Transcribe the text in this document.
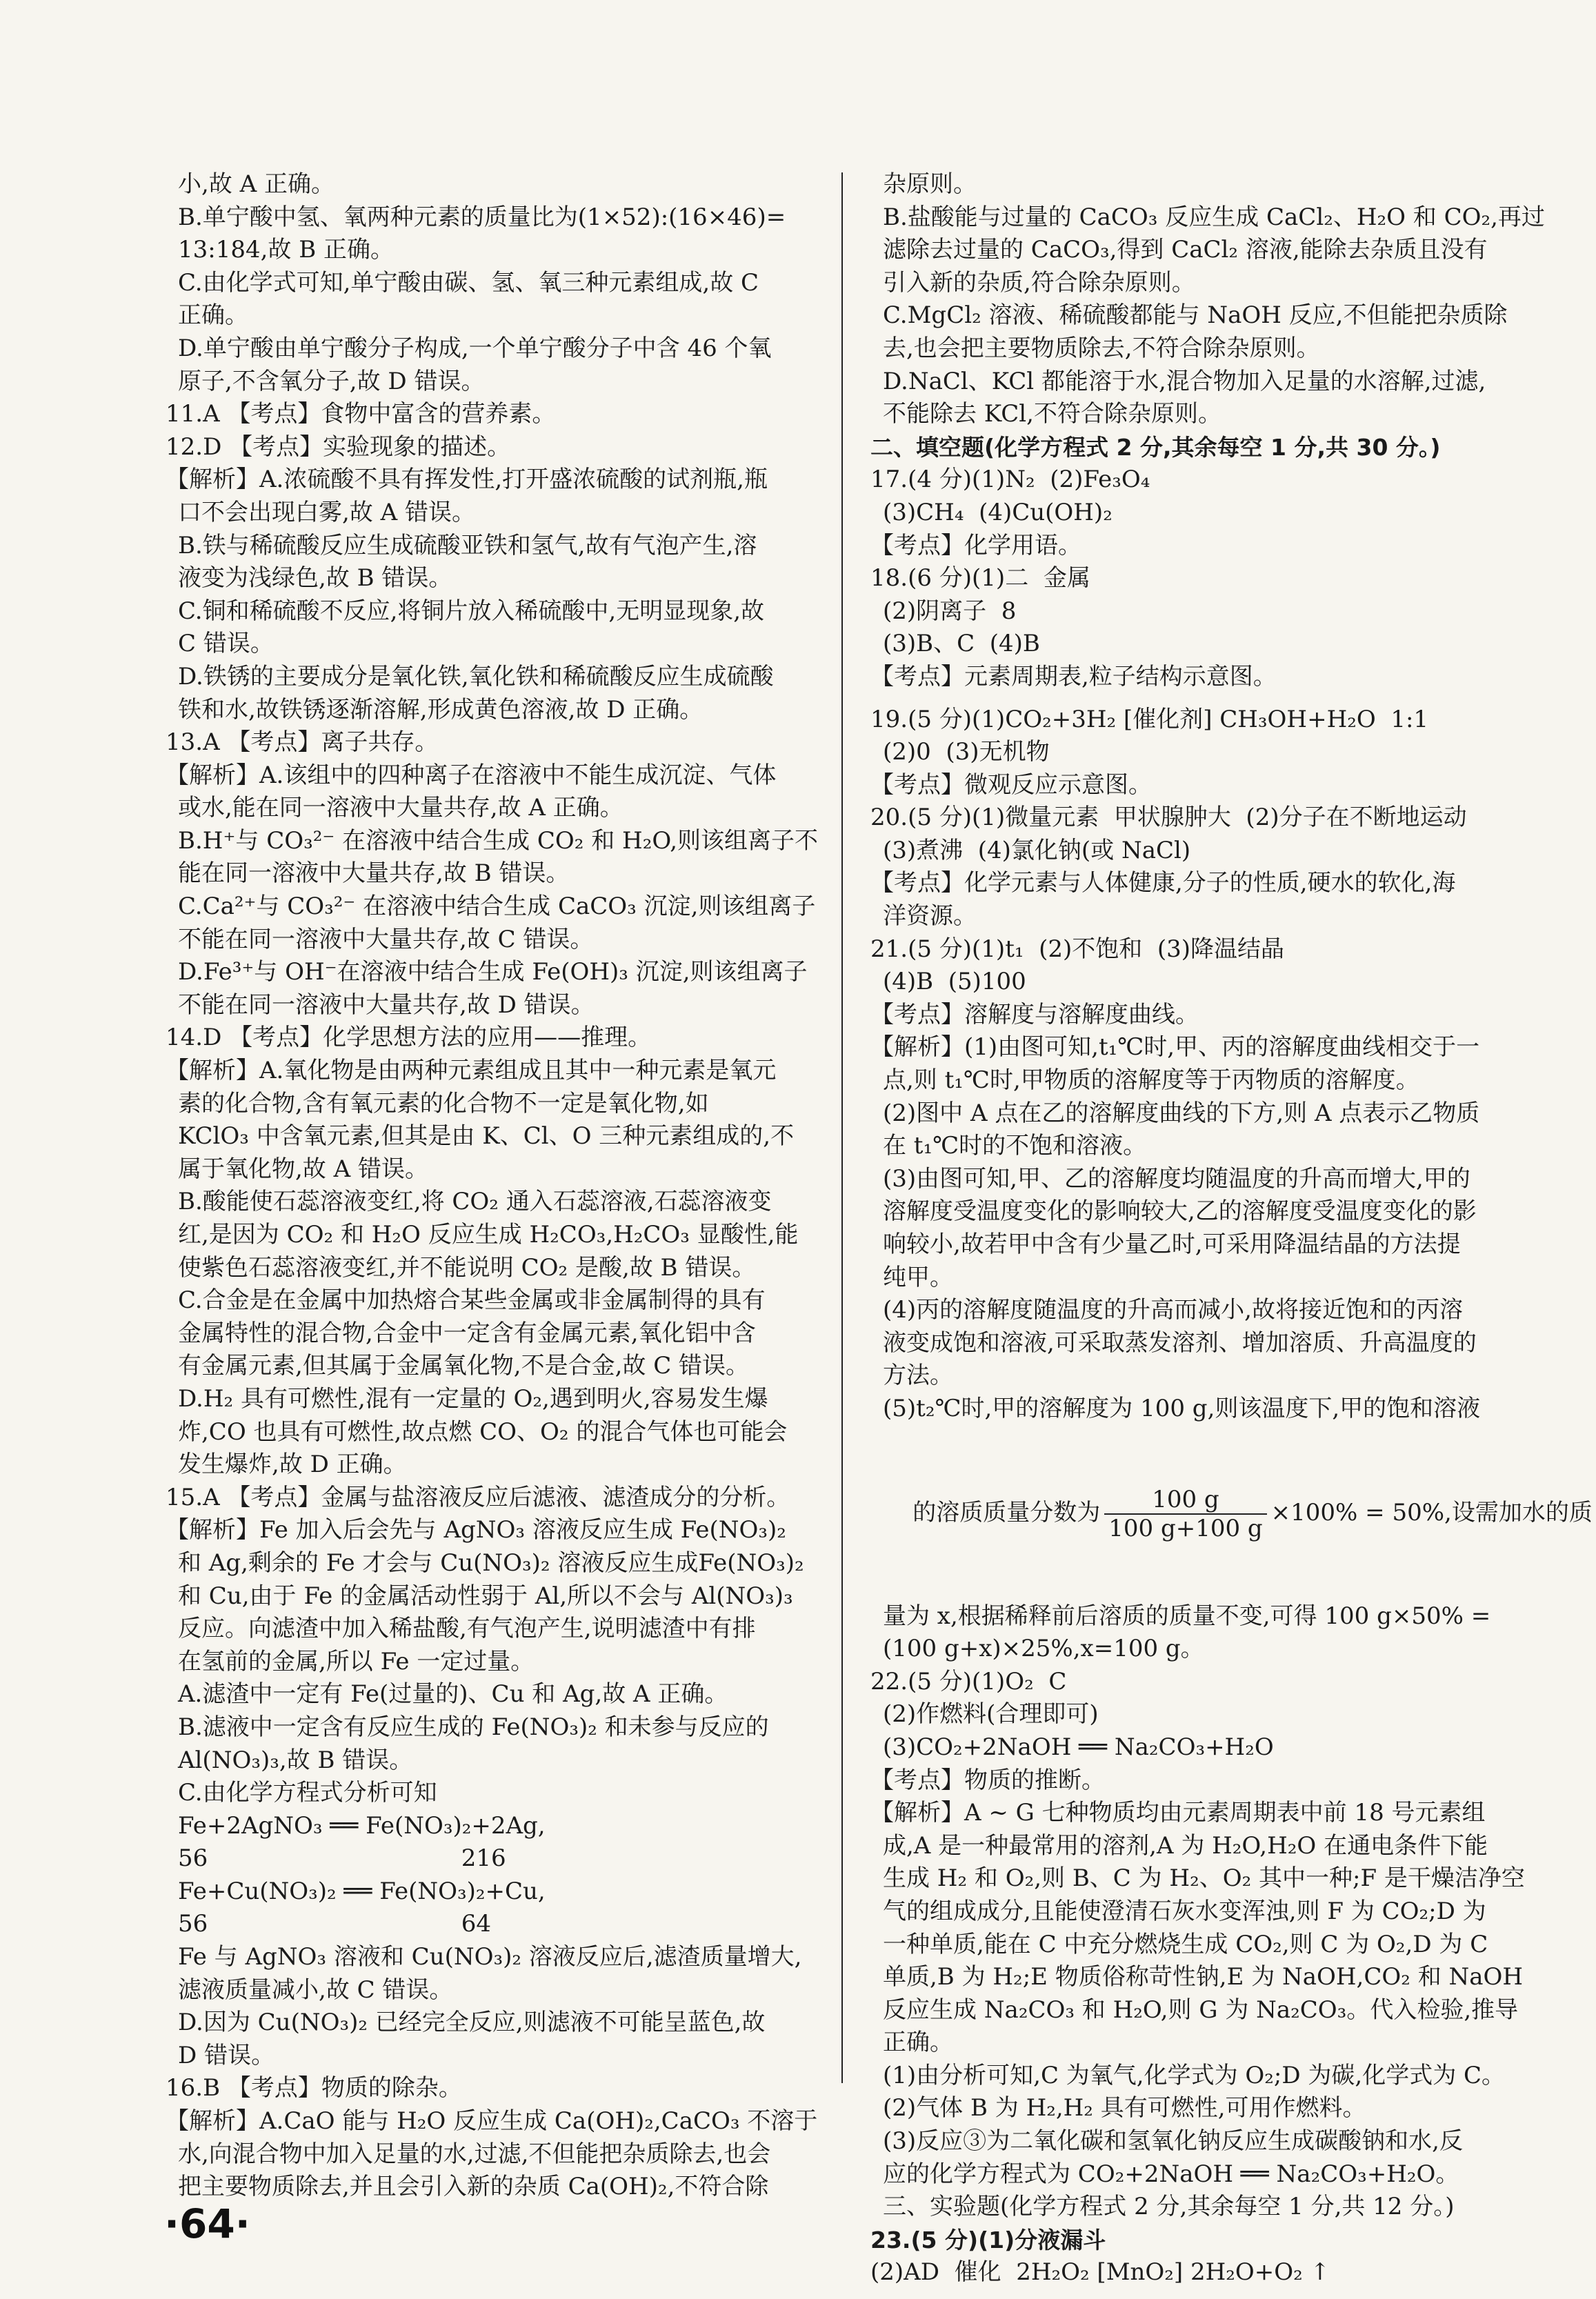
小,故 A 正确。
B.单宁酸中氢、氧两种元素的质量比为(1×52):(16×46)=
13:184,故 B 正确。
C.由化学式可知,单宁酸由碳、氢、氧三种元素组成,故 C
正确。
D.单宁酸由单宁酸分子构成,一个单宁酸分子中含 46 个氧
原子,不含氧分子,故 D 错误。
11.A 【考点】食物中富含的营养素。
12.D 【考点】实验现象的描述。
【解析】A.浓硫酸不具有挥发性,打开盛浓硫酸的试剂瓶,瓶
口不会出现白雾,故 A 错误。
B.铁与稀硫酸反应生成硫酸亚铁和氢气,故有气泡产生,溶
液变为浅绿色,故 B 错误。
C.铜和稀硫酸不反应,将铜片放入稀硫酸中,无明显现象,故
C 错误。
D.铁锈的主要成分是氧化铁,氧化铁和稀硫酸反应生成硫酸
铁和水,故铁锈逐渐溶解,形成黄色溶液,故 D 正确。
13.A 【考点】离子共存。
【解析】A.该组中的四种离子在溶液中不能生成沉淀、气体
或水,能在同一溶液中大量共存,故 A 正确。
B.H⁺与 CO₃²⁻ 在溶液中结合生成 CO₂ 和 H₂O,则该组离子不
能在同一溶液中大量共存,故 B 错误。
C.Ca²⁺与 CO₃²⁻ 在溶液中结合生成 CaCO₃ 沉淀,则该组离子
不能在同一溶液中大量共存,故 C 错误。
D.Fe³⁺与 OH⁻在溶液中结合生成 Fe(OH)₃ 沉淀,则该组离子
不能在同一溶液中大量共存,故 D 错误。
14.D 【考点】化学思想方法的应用——推理。
【解析】A.氧化物是由两种元素组成且其中一种元素是氧元
素的化合物,含有氧元素的化合物不一定是氧化物,如
KClO₃ 中含氧元素,但其是由 K、Cl、O 三种元素组成的,不
属于氧化物,故 A 错误。
B.酸能使石蕊溶液变红,将 CO₂ 通入石蕊溶液,石蕊溶液变
红,是因为 CO₂ 和 H₂O 反应生成 H₂CO₃,H₂CO₃ 显酸性,能
使紫色石蕊溶液变红,并不能说明 CO₂ 是酸,故 B 错误。
C.合金是在金属中加热熔合某些金属或非金属制得的具有
金属特性的混合物,合金中一定含有金属元素,氧化铝中含
有金属元素,但其属于金属氧化物,不是合金,故 C 错误。
D.H₂ 具有可燃性,混有一定量的 O₂,遇到明火,容易发生爆
炸,CO 也具有可燃性,故点燃 CO、O₂ 的混合气体也可能会
发生爆炸,故 D 正确。
15.A 【考点】金属与盐溶液反应后滤液、滤渣成分的分析。
【解析】Fe 加入后会先与 AgNO₃ 溶液反应生成 Fe(NO₃)₂
和 Ag,剩余的 Fe 才会与 Cu(NO₃)₂ 溶液反应生成Fe(NO₃)₂
和 Cu,由于 Fe 的金属活动性弱于 Al,所以不会与 Al(NO₃)₃
反应。向滤渣中加入稀盐酸,有气泡产生,说明滤渣中有排
在氢前的金属,所以 Fe 一定过量。
A.滤渣中一定有 Fe(过量的)、Cu 和 Ag,故 A 正确。
B.滤液中一定含有反应生成的 Fe(NO₃)₂ 和未参与反应的
Al(NO₃)₃,故 B 错误。
C.由化学方程式分析可知
Fe+2AgNO₃ ══ Fe(NO₃)₂+2Ag,
56                                  216
Fe+Cu(NO₃)₂ ══ Fe(NO₃)₂+Cu,
56                                  64
Fe 与 AgNO₃ 溶液和 Cu(NO₃)₂ 溶液反应后,滤渣质量增大,
滤液质量减小,故 C 错误。
D.因为 Cu(NO₃)₂ 已经完全反应,则滤液不可能呈蓝色,故
D 错误。
16.B 【考点】物质的除杂。
【解析】A.CaO 能与 H₂O 反应生成 Ca(OH)₂,CaCO₃ 不溶于
水,向混合物中加入足量的水,过滤,不但能把杂质除去,也会
把主要物质除去,并且会引入新的杂质 Ca(OH)₂,不符合除
杂原则。
B.盐酸能与过量的 CaCO₃ 反应生成 CaCl₂、H₂O 和 CO₂,再过
滤除去过量的 CaCO₃,得到 CaCl₂ 溶液,能除去杂质且没有
引入新的杂质,符合除杂原则。
C.MgCl₂ 溶液、稀硫酸都能与 NaOH 反应,不但能把杂质除
去,也会把主要物质除去,不符合除杂原则。
D.NaCl、KCl 都能溶于水,混合物加入足量的水溶解,过滤,
不能除去 KCl,不符合除杂原则。
二、填空题(化学方程式 2 分,其余每空 1 分,共 30 分。)
17.(4 分)(1)N₂  (2)Fe₃O₄
(3)CH₄  (4)Cu(OH)₂
【考点】化学用语。
18.(6 分)(1)二  金属
(2)阴离子  8
(3)B、C  (4)B
【考点】元素周期表,粒子结构示意图。
19.(5 分)(1)CO₂+3H₂ [催化剂] CH₃OH+H₂O  1:1
(2)0  (3)无机物
【考点】微观反应示意图。
20.(5 分)(1)微量元素  甲状腺肿大  (2)分子在不断地运动
(3)煮沸  (4)氯化钠(或 NaCl)
【考点】化学元素与人体健康,分子的性质,硬水的软化,海
洋资源。
21.(5 分)(1)t₁  (2)不饱和  (3)降温结晶
(4)B  (5)100
【考点】溶解度与溶解度曲线。
【解析】(1)由图可知,t₁℃时,甲、丙的溶解度曲线相交于一
点,则 t₁℃时,甲物质的溶解度等于丙物质的溶解度。
(2)图中 A 点在乙的溶解度曲线的下方,则 A 点表示乙物质
在 t₁℃时的不饱和溶液。
(3)由图可知,甲、乙的溶解度均随温度的升高而增大,甲的
溶解度受温度变化的影响较大,乙的溶解度受温度变化的影
响较小,故若甲中含有少量乙时,可采用降温结晶的方法提
纯甲。
(4)丙的溶解度随温度的升高而减小,故将接近饱和的丙溶
液变成饱和溶液,可采取蒸发溶剂、增加溶质、升高温度的
方法。
(5)t₂℃时,甲的溶解度为 100 g,则该温度下,甲的饱和溶液

的溶质质量分数为 $\frac{100 g}{100 g+100 g} \times 100\% = 50\%$,设需加水的质

量为 x,根据稀释前后溶质的质量不变,可得 100 g×50% =
(100 g+x)×25%,x=100 g。
22.(5 分)(1)O₂  C
(2)作燃料(合理即可)
(3)CO₂+2NaOH ══ Na₂CO₃+H₂O
【考点】物质的推断。
【解析】A ~ G 七种物质均由元素周期表中前 18 号元素组
成,A 是一种最常用的溶剂,A 为 H₂O,H₂O 在通电条件下能
生成 H₂ 和 O₂,则 B、C 为 H₂、O₂ 其中一种;F 是干燥洁净空
气的组成成分,且能使澄清石灰水变浑浊,则 F 为 CO₂;D 为
一种单质,能在 C 中充分燃烧生成 CO₂,则 C 为 O₂,D 为 C
单质,B 为 H₂;E 物质俗称苛性钠,E 为 NaOH,CO₂ 和 NaOH
反应生成 Na₂CO₃ 和 H₂O,则 G 为 Na₂CO₃。代入检验,推导
正确。
(1)由分析可知,C 为氧气,化学式为 O₂;D 为碳,化学式为 C。
(2)气体 B 为 H₂,H₂ 具有可燃性,可用作燃料。
(3)反应③为二氧化碳和氢氧化钠反应生成碳酸钠和水,反
应的化学方程式为 CO₂+2NaOH ══ Na₂CO₃+H₂O。
三、实验题(化学方程式 2 分,其余每空 1 分,共 12 分。)
23.(5 分)(1)分液漏斗
(2)AD  催化  2H₂O₂ [MnO₂] 2H₂O+O₂ ↑
·64·
